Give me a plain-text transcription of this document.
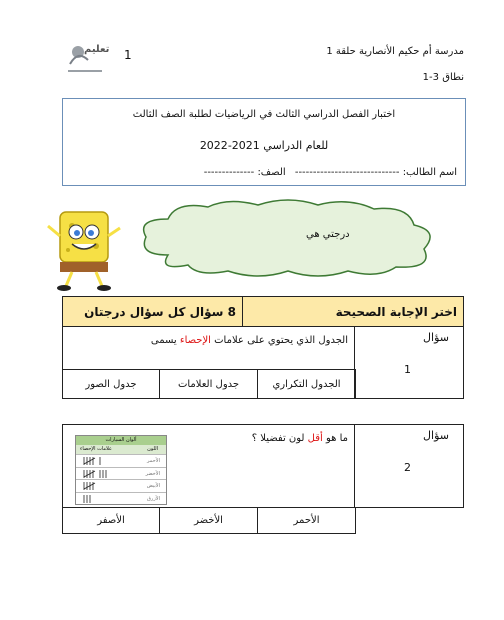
تعليم 1	مدرسة أم حكيم الأنصارية حلقة 1
نطاق 3-1
اختبار الفصل الدراسي الثالث في الرياضيات لطلبة الصف الثالث
للعام الدراسي 2021-2022
اسم الطالب: ----------------------------- الصف: --------------
درجتي هي
اختر الإجابة الصحيحة
8 سؤال كل سؤال درجتان
الجدول الذي يحتوي على علامات الإحصاء يسمى	سؤال
1
الجدول التكراري
جدول العلامات
جدول الصور
ما هو أقل لون تفضيلا ؟
ألوان السيارات
اللون
علامات الإحصاء
الأحمر
الأخضر
الأبيض
الأزرق
سؤال
2
الأحمر
الأخضر
الأصفر
